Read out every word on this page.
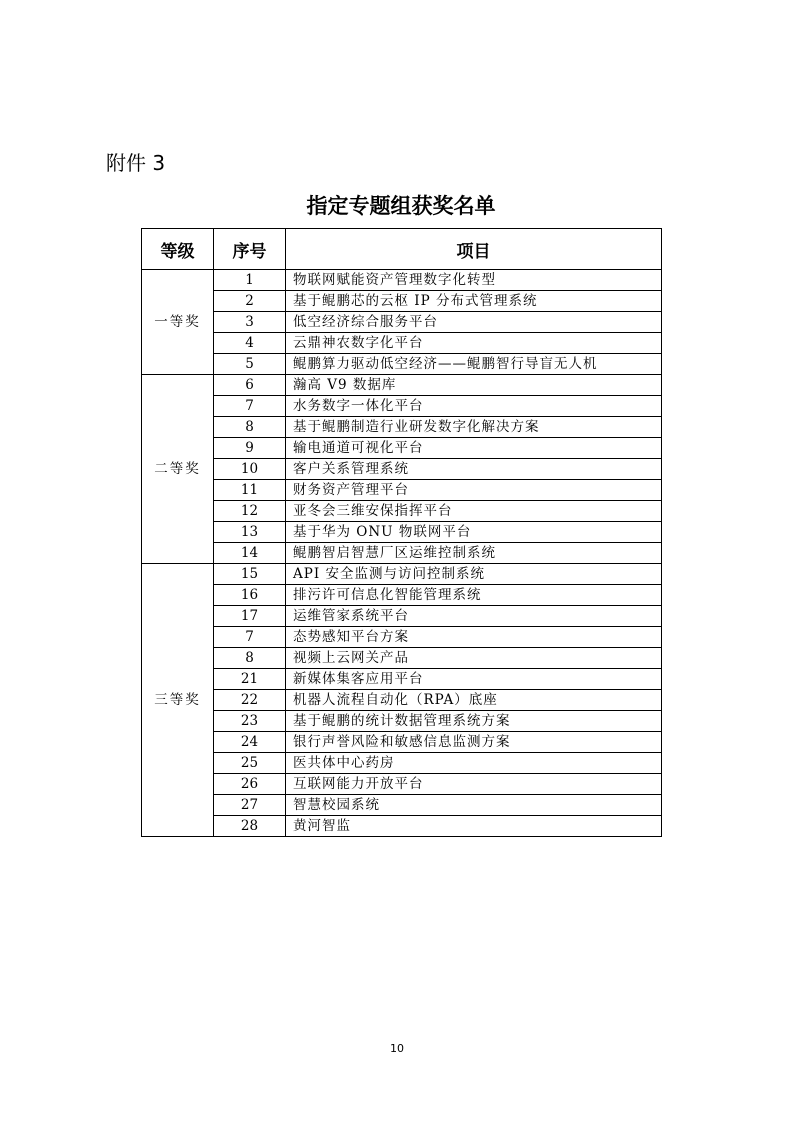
附件 3
指定专题组获奖名单
等级	序号	项目
一等奖	1	物联网赋能资产管理数字化转型
	2	基于鲲鹏芯的云枢 IP 分布式管理系统
	3	低空经济综合服务平台
	4	云鼎神农数字化平台
	5	鲲鹏算力驱动低空经济——鲲鹏智行导盲无人机
二等奖	6	瀚高 V9 数据库
	7	水务数字一体化平台
	8	基于鲲鹏制造行业研发数字化解决方案
	9	输电通道可视化平台
	10	客户关系管理系统
	11	财务资产管理平台
	12	亚冬会三维安保指挥平台
	13	基于华为 ONU 物联网平台
	14	鲲鹏智启智慧厂区运维控制系统
三等奖	15	API 安全监测与访问控制系统
	16	排污许可信息化智能管理系统
	17	运维管家系统平台
	7	态势感知平台方案
	8	视频上云网关产品
	21	新媒体集客应用平台
	22	机器人流程自动化（RPA）底座
	23	基于鲲鹏的统计数据管理系统方案
	24	银行声誉风险和敏感信息监测方案
	25	医共体中心药房
	26	互联网能力开放平台
	27	智慧校园系统
	28	黄河智监
10
